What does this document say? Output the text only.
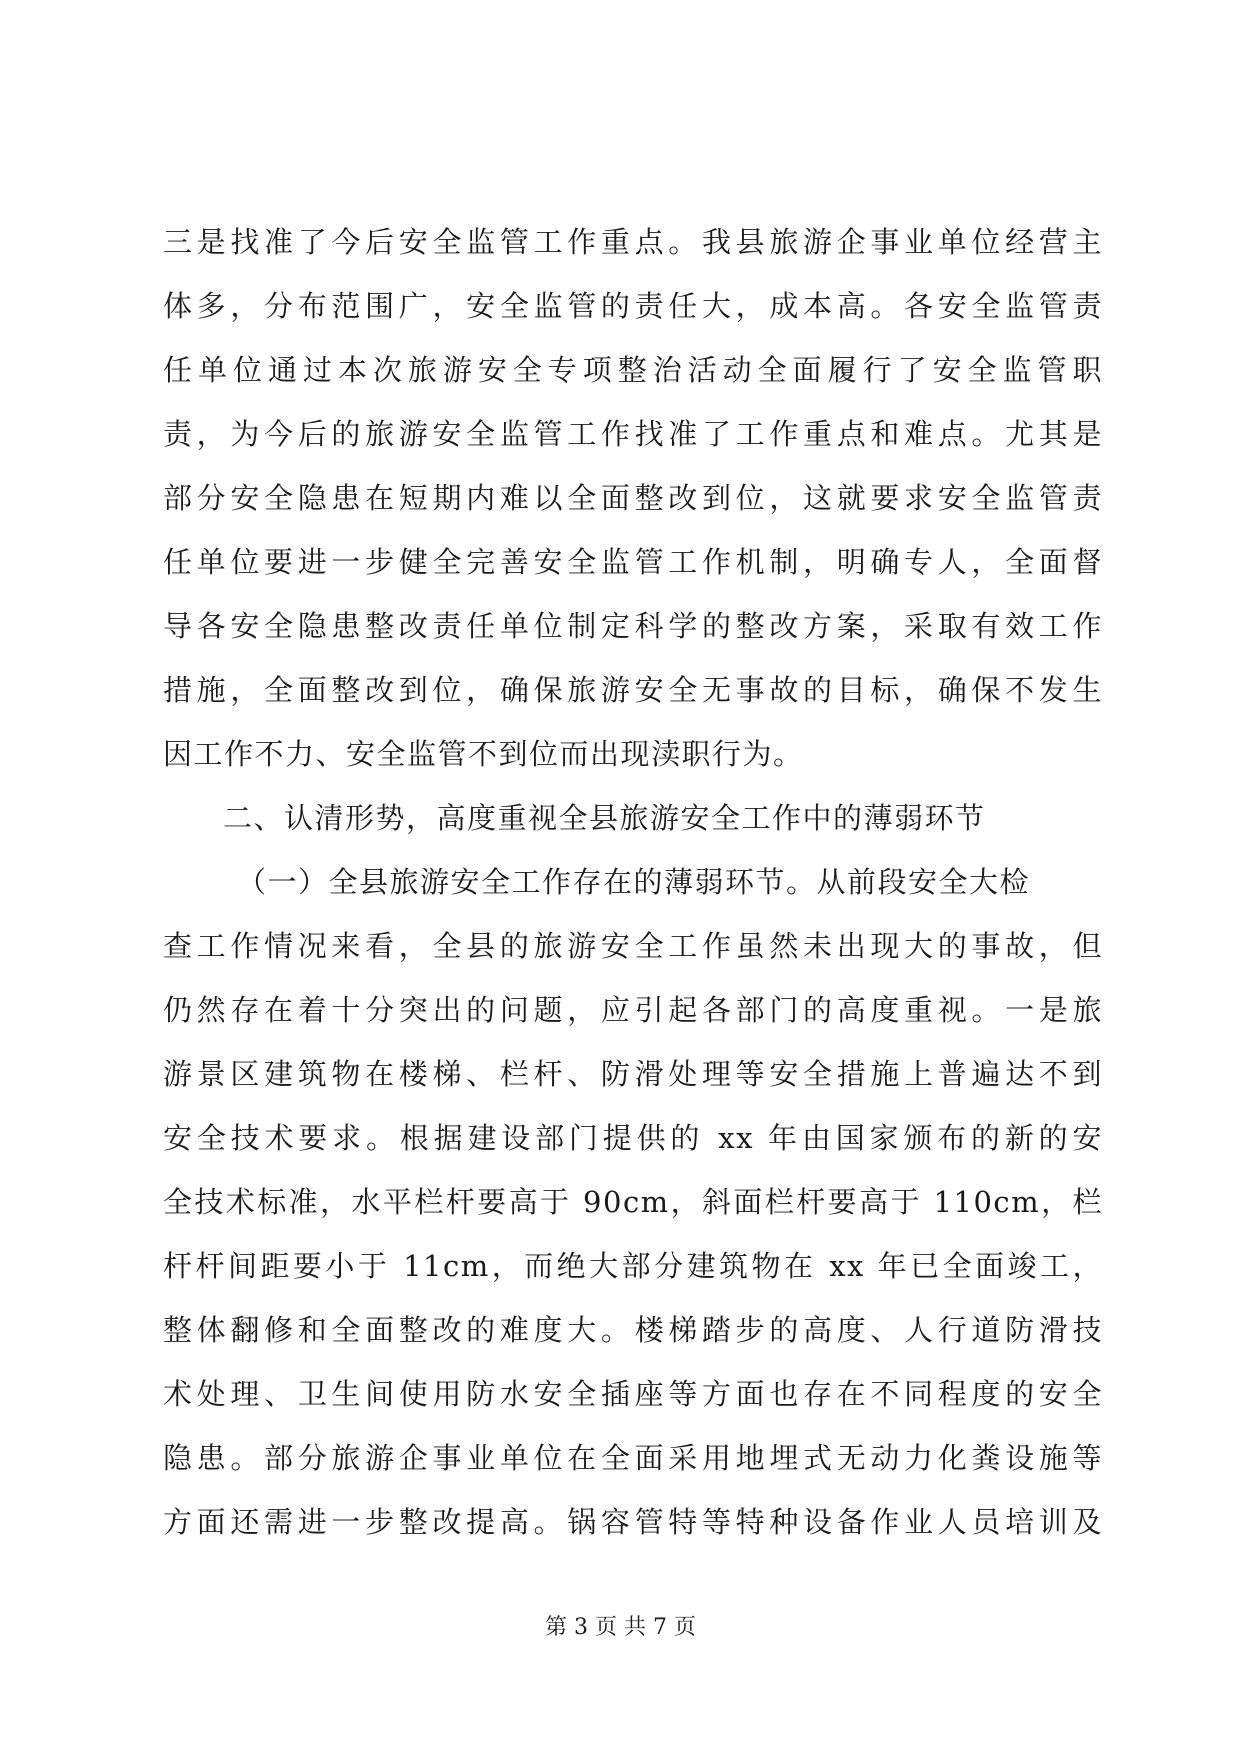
三是找准了今后安全监管工作重点。我县旅游企事业单位经营主
体多，分布范围广，安全监管的责任大，成本高。各安全监管责
任单位通过本次旅游安全专项整治活动全面履行了安全监管职
责，为今后的旅游安全监管工作找准了工作重点和难点。尤其是
部分安全隐患在短期内难以全面整改到位，这就要求安全监管责
任单位要进一步健全完善安全监管工作机制，明确专人，全面督
导各安全隐患整改责任单位制定科学的整改方案，采取有效工作
措施，全面整改到位，确保旅游安全无事故的目标，确保不发生
因工作不力、安全监管不到位而出现渎职行为。
二、认清形势，高度重视全县旅游安全工作中的薄弱环节
（一）全县旅游安全工作存在的薄弱环节。从前段安全大检
查工作情况来看，全县的旅游安全工作虽然未出现大的事故，但
仍然存在着十分突出的问题，应引起各部门的高度重视。一是旅
游景区建筑物在楼梯、栏杆、防滑处理等安全措施上普遍达不到
安全技术要求。根据建设部门提供的 xx 年由国家颁布的新的安
全技术标准，水平栏杆要高于 90cm，斜面栏杆要高于 110cm，栏
杆杆间距要小于 11cm，而绝大部分建筑物在 xx 年已全面竣工，
整体翻修和全面整改的难度大。楼梯踏步的高度、人行道防滑技
术处理、卫生间使用防水安全插座等方面也存在不同程度的安全
隐患。部分旅游企事业单位在全面采用地埋式无动力化粪设施等
方面还需进一步整改提高。锅容管特等特种设备作业人员培训及
第 3 页 共 7 页
